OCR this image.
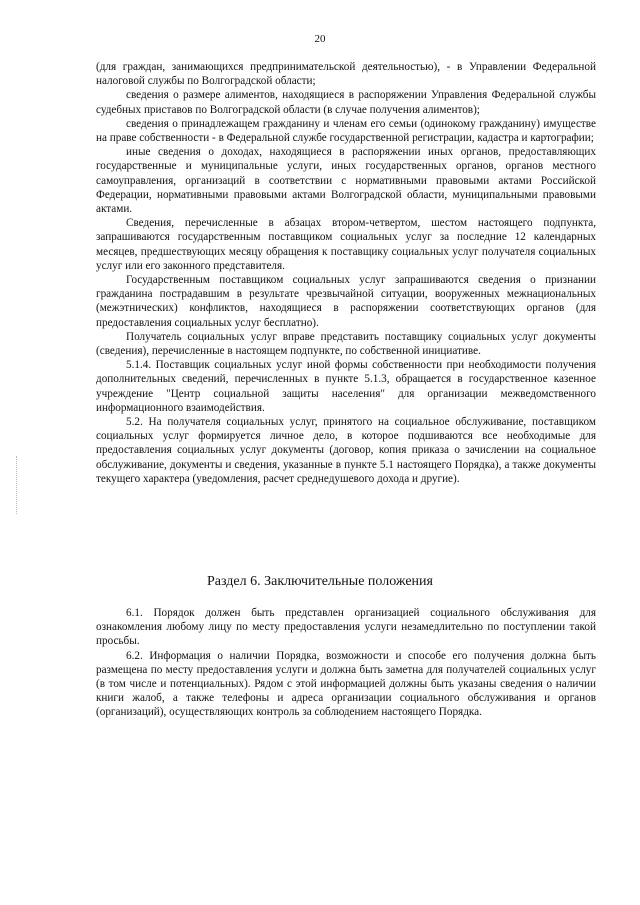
20

(для граждан, занимающихся предпринимательской деятельностью), - в Управлении Федеральной налоговой службы по Волгоградской области;

сведения о размере алиментов, находящиеся в распоряжении Управления Федеральной службы судебных приставов по Волгоградской области (в случае получения алиментов);

сведения о принадлежащем гражданину и членам его семьи (одинокому гражданину) имуществе на праве собственности - в Федеральной службе государственной регистрации, кадастра и картографии;

иные сведения о доходах, находящиеся в распоряжении иных органов, предоставляющих государственные и муниципальные услуги, иных государственных органов, органов местного самоуправления, организаций в соответствии с нормативными правовыми актами Российской Федерации, нормативными правовыми актами Волгоградской области, муниципальными правовыми актами.

Сведения, перечисленные в абзацах втором-четвертом, шестом настоящего подпункта, запрашиваются государственным поставщиком социальных услуг за последние 12 календарных месяцев, предшествующих месяцу обращения к поставщику социальных услуг получателя социальных услуг или его законного представителя.

Государственным поставщиком социальных услуг запрашиваются сведения о признании гражданина пострадавшим в результате чрезвычайной ситуации, вооруженных межнациональных (межэтнических) конфликтов, находящиеся в распоряжении соответствующих органов (для предоставления социальных услуг бесплатно).

Получатель социальных услуг вправе представить поставщику социальных услуг документы (сведения), перечисленные в настоящем подпункте, по собственной инициативе.

5.1.4. Поставщик социальных услуг иной формы собственности при необходимости получения дополнительных сведений, перечисленных в пункте 5.1.3, обращается в государственное казенное учреждение "Центр социальной защиты населения" для организации межведомственного информационного взаимодействия.

5.2. На получателя социальных услуг, принятого на социальное обслуживание, поставщиком социальных услуг формируется личное дело, в которое подшиваются все необходимые для предоставления социальных услуг документы (договор, копия приказа о зачислении на социальное обслуживание, документы и сведения, указанные в пункте 5.1 настоящего Порядка), а также документы текущего характера (уведомления, расчет среднедушевого дохода и другие).

Раздел 6. Заключительные положения

6.1. Порядок должен быть представлен организацией социального обслуживания для ознакомления любому лицу по месту предоставления услуги незамедлительно по поступлении такой просьбы.

6.2. Информация о наличии Порядка, возможности и способе его получения должна быть размещена по месту предоставления услуги и должна быть заметна для получателей социальных услуг (в том числе и потенциальных). Рядом с этой информацией должны быть указаны сведения о наличии книги жалоб, а также телефоны и адреса организации социального обслуживания и органов (организаций), осуществляющих контроль за соблюдением настоящего Порядка.
